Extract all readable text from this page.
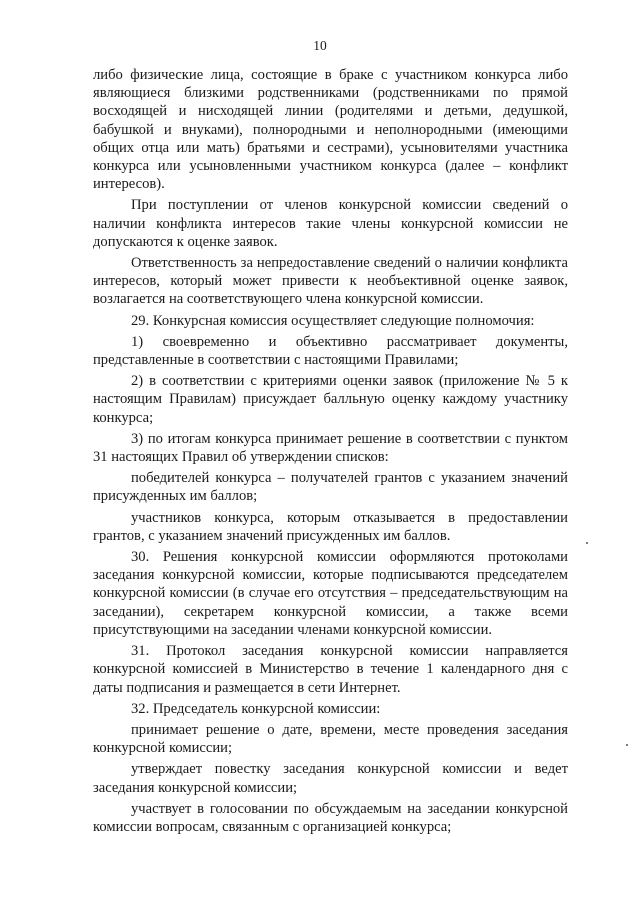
10

либо физические лица, состоящие в браке с участником конкурса либо являющиеся близкими родственниками (родственниками по прямой восходящей и нисходящей линии (родителями и детьми, дедушкой, бабушкой и внуками), полнородными и неполнородными (имеющими общих отца или мать) братьями и сестрами), усыновителями участника конкурса или усыновленными участником конкурса (далее – конфликт интересов).

При поступлении от членов конкурсной комиссии сведений о наличии конфликта интересов такие члены конкурсной комиссии не допускаются к оценке заявок.

Ответственность за непредоставление сведений о наличии конфликта интересов, который может привести к необъективной оценке заявок, возлагается на соответствующего члена конкурсной комиссии.

29. Конкурсная комиссия осуществляет следующие полномочия:

1) своевременно и объективно рассматривает документы, представленные в соответствии с настоящими Правилами;

2) в соответствии с критериями оценки заявок (приложение № 5 к настоящим Правилам) присуждает балльную оценку каждому участнику конкурса;

3) по итогам конкурса принимает решение в соответствии с пунктом 31 настоящих Правил об утверждении списков:

победителей конкурса – получателей грантов с указанием значений присужденных им баллов;

участников конкурса, которым отказывается в предоставлении грантов, с указанием значений присужденных им баллов.

30. Решения конкурсной комиссии оформляются протоколами заседания конкурсной комиссии, которые подписываются председателем конкурсной комиссии (в случае его отсутствия – председательствующим на заседании), секретарем конкурсной комиссии, а также всеми присутствующими на заседании членами конкурсной комиссии.

31. Протокол заседания конкурсной комиссии направляется конкурсной комиссией в Министерство в течение 1 календарного дня с даты подписания и размещается в сети Интернет.

32. Председатель конкурсной комиссии:

принимает решение о дате, времени, месте проведения заседания конкурсной комиссии;

утверждает повестку заседания конкурсной комиссии и ведет заседания конкурсной комиссии;

участвует в голосовании по обсуждаемым на заседании конкурсной комиссии вопросам, связанным с организацией конкурса;
